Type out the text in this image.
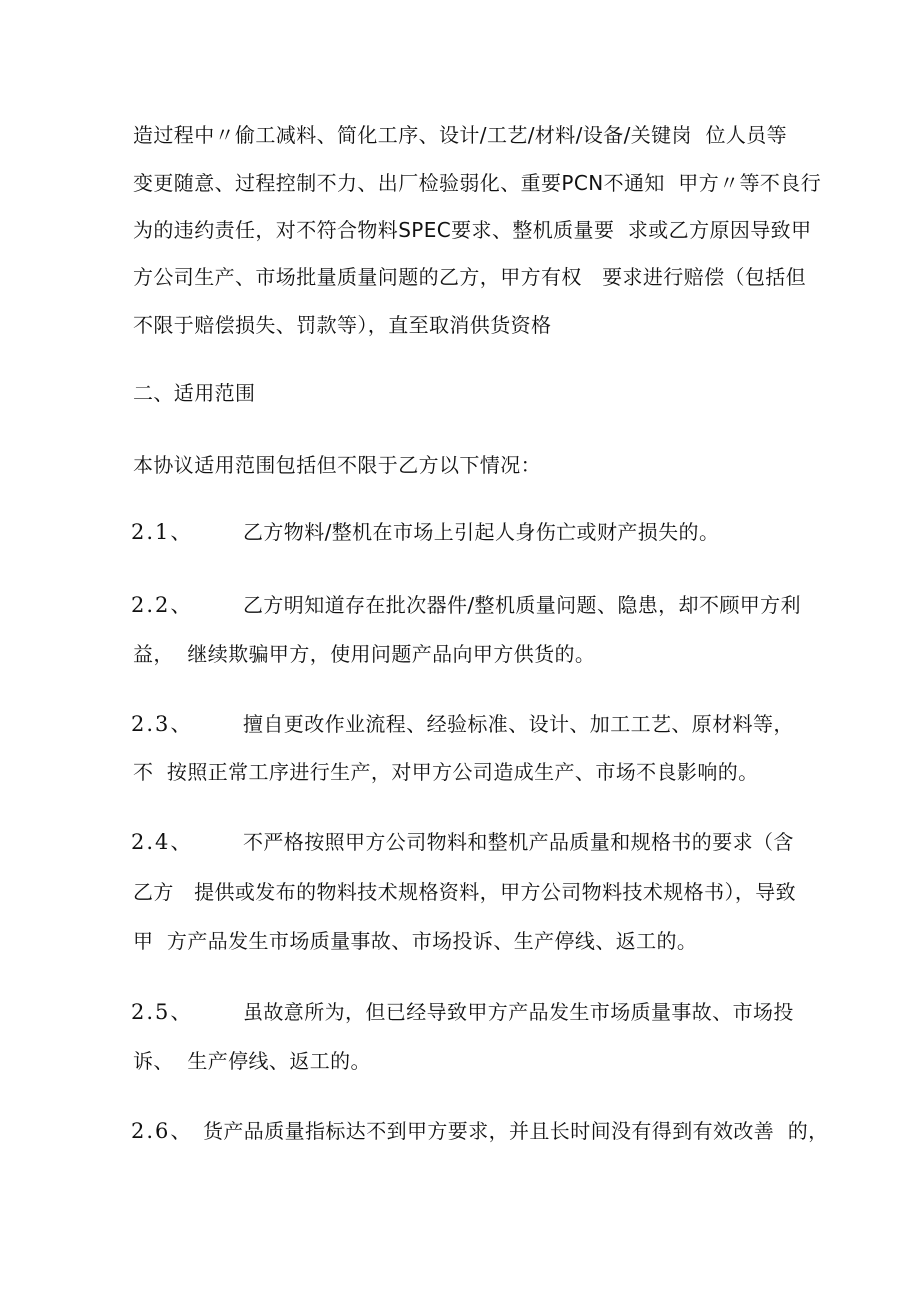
造过程中〃偷工减料、简化工序、设计/工艺/材料/设备/关键岗  位人员等
变更随意、过程控制不力、出厂检验弱化、重要PCN不通知  甲方〃等不良行
为的违约责任，对不符合物料SPEC要求、整机质量要  求或乙方原因导致甲
方公司生产、市场批量质量问题的乙方，甲方有权   要求进行赔偿（包括但
不限于赔偿损失、罚款等），直至取消供货资格
二、适用范围
本协议适用范围包括但不限于乙方以下情况：
2.1、 乙方物料/整机在市场上引起人身伤亡或财产损失的。
2.2、 乙方明知道存在批次器件/整机质量问题、隐患，却不顾甲方利
益，  继续欺骗甲方，使用问题产品向甲方供货的。
2.3、 擅自更改作业流程、经验标准、设计、加工工艺、原材料等，
不  按照正常工序进行生产，对甲方公司造成生产、市场不良影响的。
2.4、 不严格按照甲方公司物料和整机产品质量和规格书的要求（含
乙方   提供或发布的物料技术规格资料，甲方公司物料技术规格书），导致
甲  方产品发生市场质量事故、市场投诉、生产停线、返工的。
2.5、 虽故意所为，但已经导致甲方产品发生市场质量事故、市场投
诉、  生产停线、返工的。
2.6、 货产品质量指标达不到甲方要求，并且长时间没有得到有效改善  的，
